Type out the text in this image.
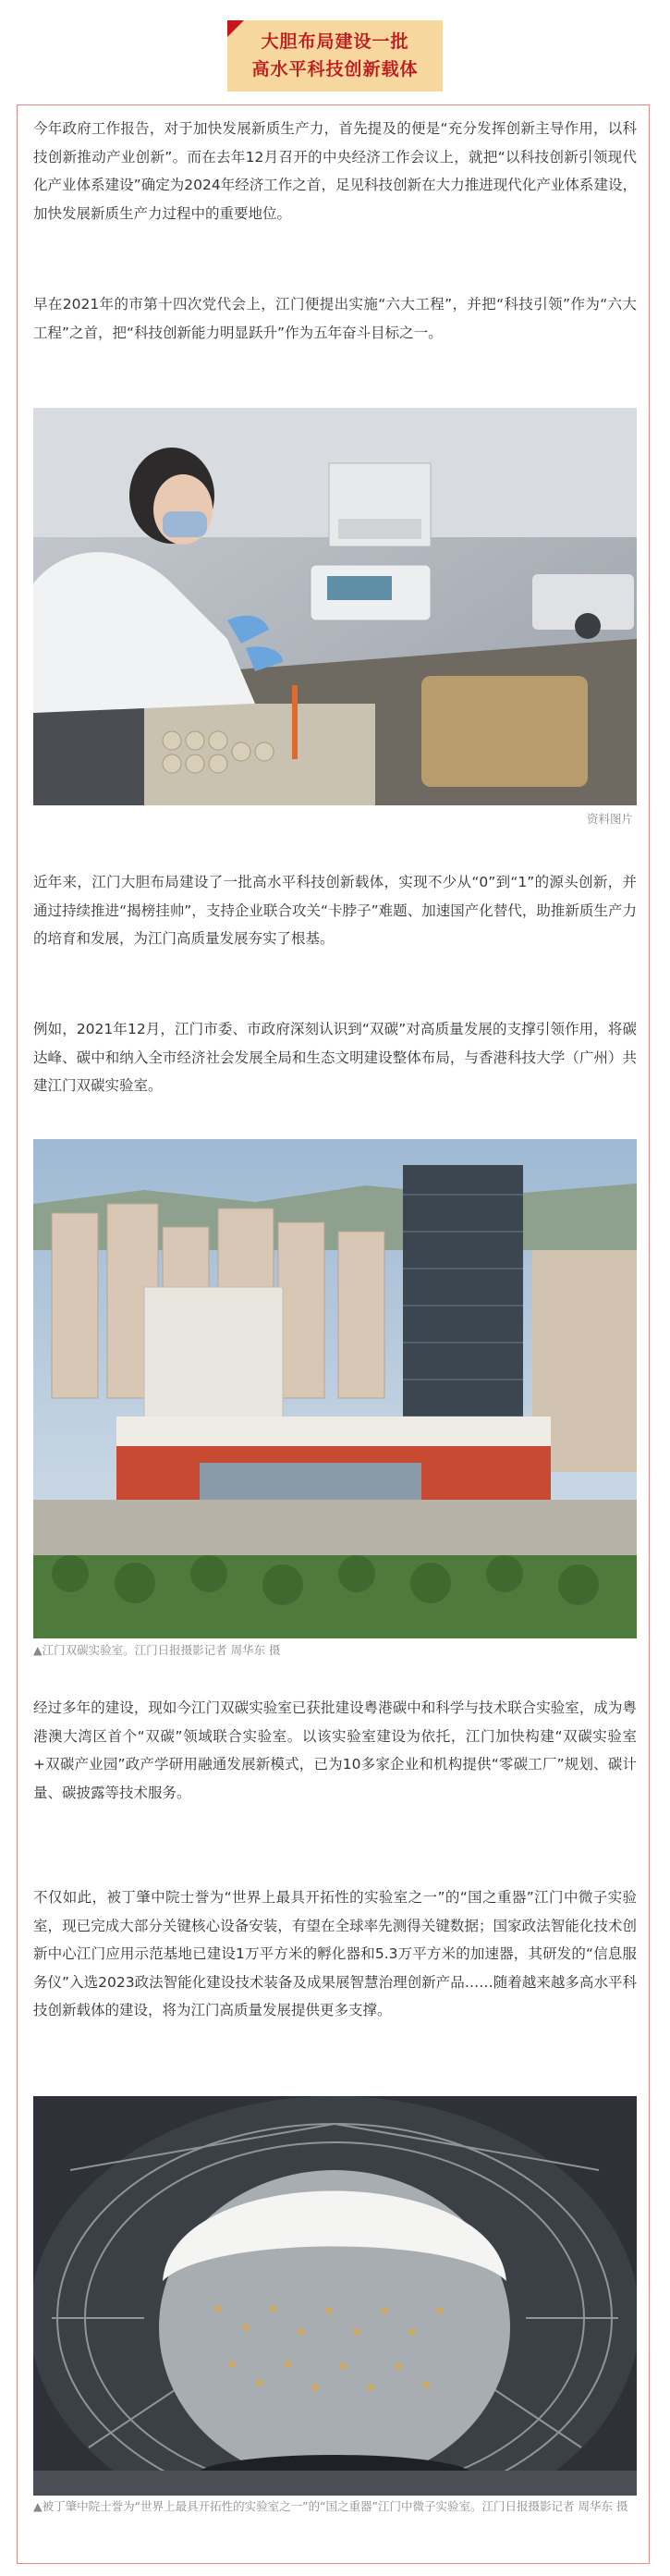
大胆布局建设一批
高水平科技创新载体

今年政府工作报告，对于加快发展新质生产力，首先提及的便是“充分发挥创新主导作用，以科技创新推动产业创新”。而在去年12月召开的中央经济工作会议上，就把“以科技创新引领现代化产业体系建设”确定为2024年经济工作之首，足见科技创新在大力推进现代化产业体系建设，加快发展新质生产力过程中的重要地位。

早在2021年的市第十四次党代会上，江门便提出实施“六大工程”，并把“科技引领”作为“六大工程”之首，把“科技创新能力明显跃升”作为五年奋斗目标之一。

资料图片

近年来，江门大胆布局建设了一批高水平科技创新载体，实现不少从“0”到“1”的源头创新，并通过持续推进“揭榜挂帅”，支持企业联合攻关“卡脖子”难题、加速国产化替代，助推新质生产力的培育和发展，为江门高质量发展夯实了根基。

例如，2021年12月，江门市委、市政府深刻认识到“双碳”对高质量发展的支撑引领作用，将碳达峰、碳中和纳入全市经济社会发展全局和生态文明建设整体布局，与香港科技大学（广州）共建江门双碳实验室。

▲江门双碳实验室。江门日报摄影记者 周华东 摄

经过多年的建设，现如今江门双碳实验室已获批建设粤港碳中和科学与技术联合实验室，成为粤港澳大湾区首个“双碳”领域联合实验室。以该实验室建设为依托，江门加快构建“双碳实验室+双碳产业园”政产学研用融通发展新模式，已为10多家企业和机构提供“零碳工厂”规划、碳计量、碳披露等技术服务。

不仅如此，被丁肇中院士誉为“世界上最具开拓性的实验室之一”的“国之重器”江门中微子实验室，现已完成大部分关键核心设备安装，有望在全球率先测得关键数据；国家政法智能化技术创新中心江门应用示范基地已建设1万平方米的孵化器和5.3万平方米的加速器，其研发的“信息服务仪”入选2023政法智能化建设技术装备及成果展智慧治理创新产品……随着越来越多高水平科技创新载体的建设，将为江门高质量发展提供更多支撑。

▲被丁肇中院士誉为“世界上最具开拓性的实验室之一”的“国之重器”江门中微子实验室。江门日报摄影记者 周华东 摄
